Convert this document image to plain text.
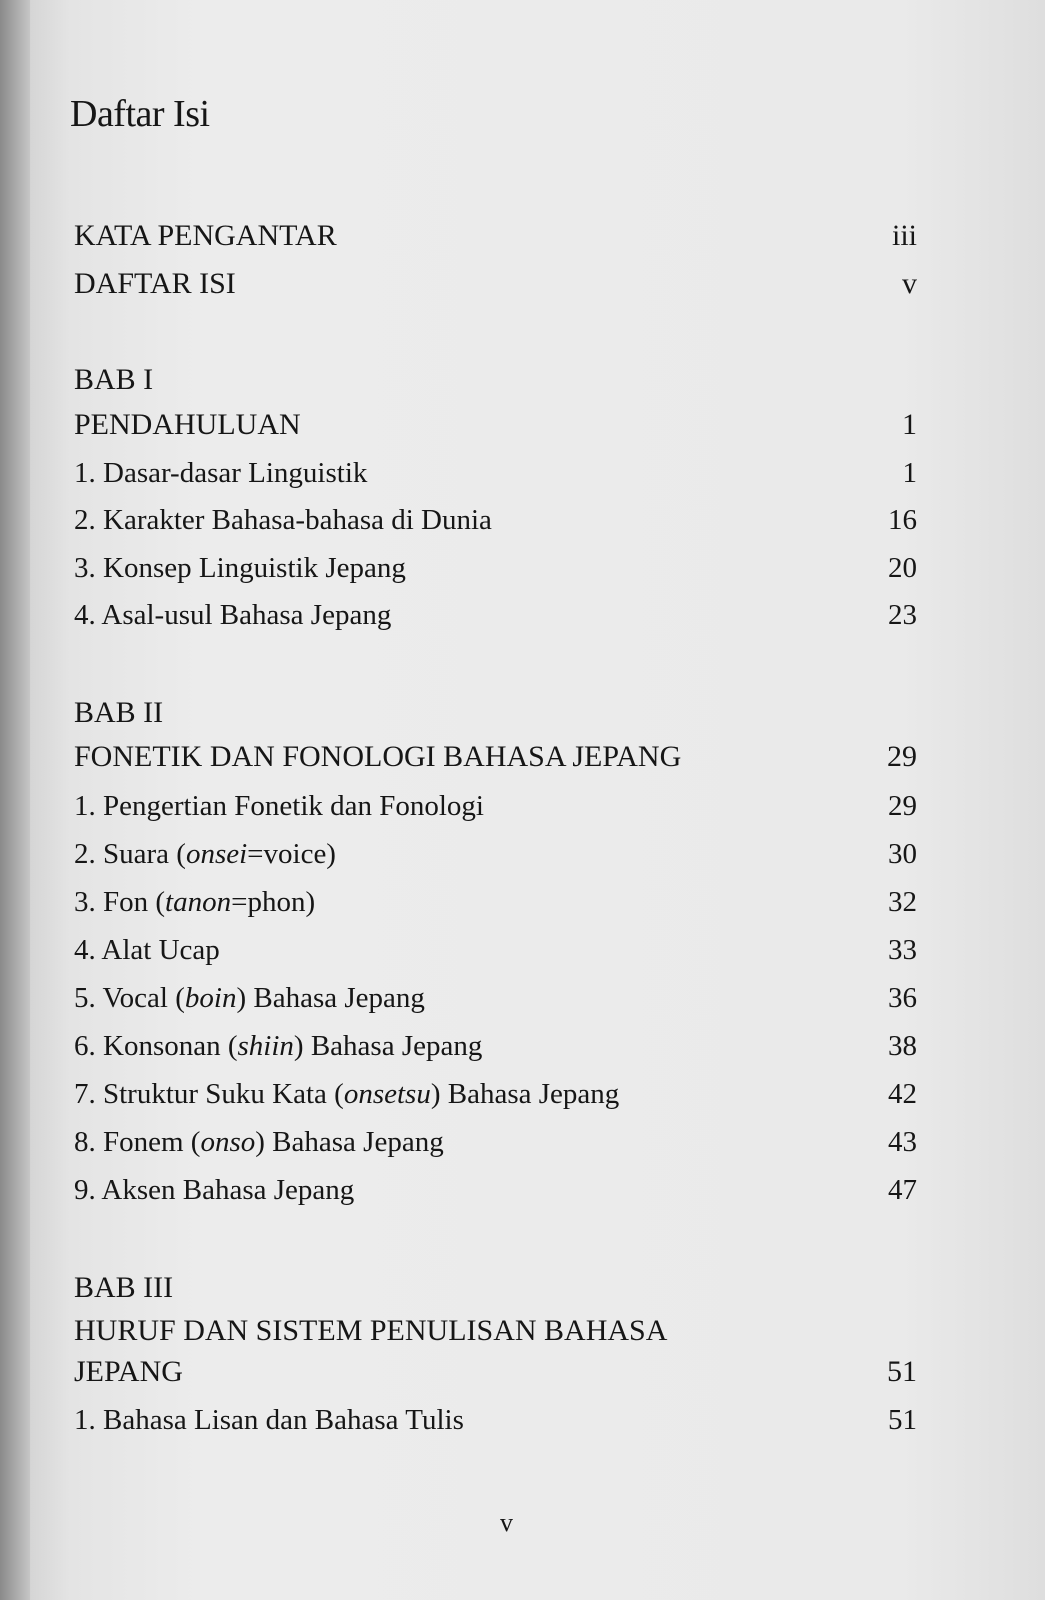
Daftar Isi
KATA PENGANTAR	iii
DAFTAR ISI	v
BAB I
PENDAHULUAN	1
1. Dasar-dasar Linguistik	1
2. Karakter Bahasa-bahasa di Dunia	16
3. Konsep Linguistik Jepang	20
4. Asal-usul Bahasa Jepang	23
BAB II
FONETIK DAN FONOLOGI BAHASA JEPANG	29
1. Pengertian Fonetik dan Fonologi	29
2. Suara (onsei=voice)	30
3. Fon (tanon=phon)	32
4. Alat Ucap	33
5. Vocal (boin) Bahasa Jepang	36
6. Konsonan (shiin) Bahasa Jepang	38
7. Struktur Suku Kata (onsetsu) Bahasa Jepang	42
8. Fonem (onso) Bahasa Jepang	43
9. Aksen Bahasa Jepang	47
BAB III
HURUF DAN SISTEM PENULISAN BAHASA
JEPANG	51
1. Bahasa Lisan dan Bahasa Tulis	51
v
